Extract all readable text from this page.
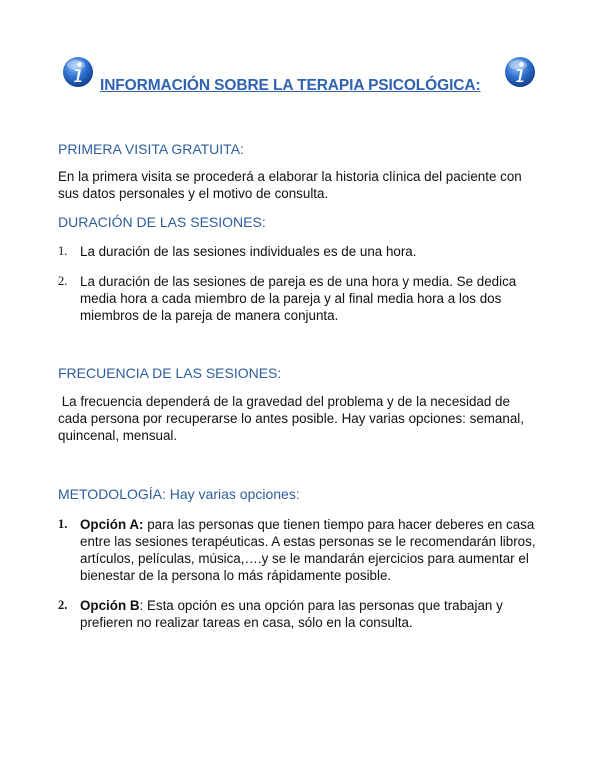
INFORMACIÓN SOBRE LA TERAPIA PSICOLÓGICA:
PRIMERA VISITA GRATUITA:
En la primera visita se procederá a elaborar la historia clínica del paciente con sus datos personales y el motivo de consulta.
DURACIÓN DE LAS SESIONES:
1. La duración de las sesiones individuales es de una hora.
2. La duración de las sesiones de pareja es de una hora y media. Se dedica media hora a cada miembro de la pareja y al final media hora a los dos miembros de la pareja de manera conjunta.
FRECUENCIA DE LAS SESIONES:
La frecuencia dependerá de la gravedad del problema y de la necesidad de cada persona por recuperarse lo antes posible. Hay varias opciones: semanal, quincenal, mensual.
METODOLOGÍA: Hay varias opciones:
1. Opción A: para las personas que tienen tiempo para hacer deberes en casa entre las sesiones terapéuticas. A estas personas se le recomendarán libros, artículos, películas, música,….y se le mandarán ejercicios para aumentar el bienestar de la persona lo más rápidamente posible.
2. Opción B: Esta opción es una opción para las personas que trabajan y prefieren no realizar tareas en casa, sólo en la consulta.
